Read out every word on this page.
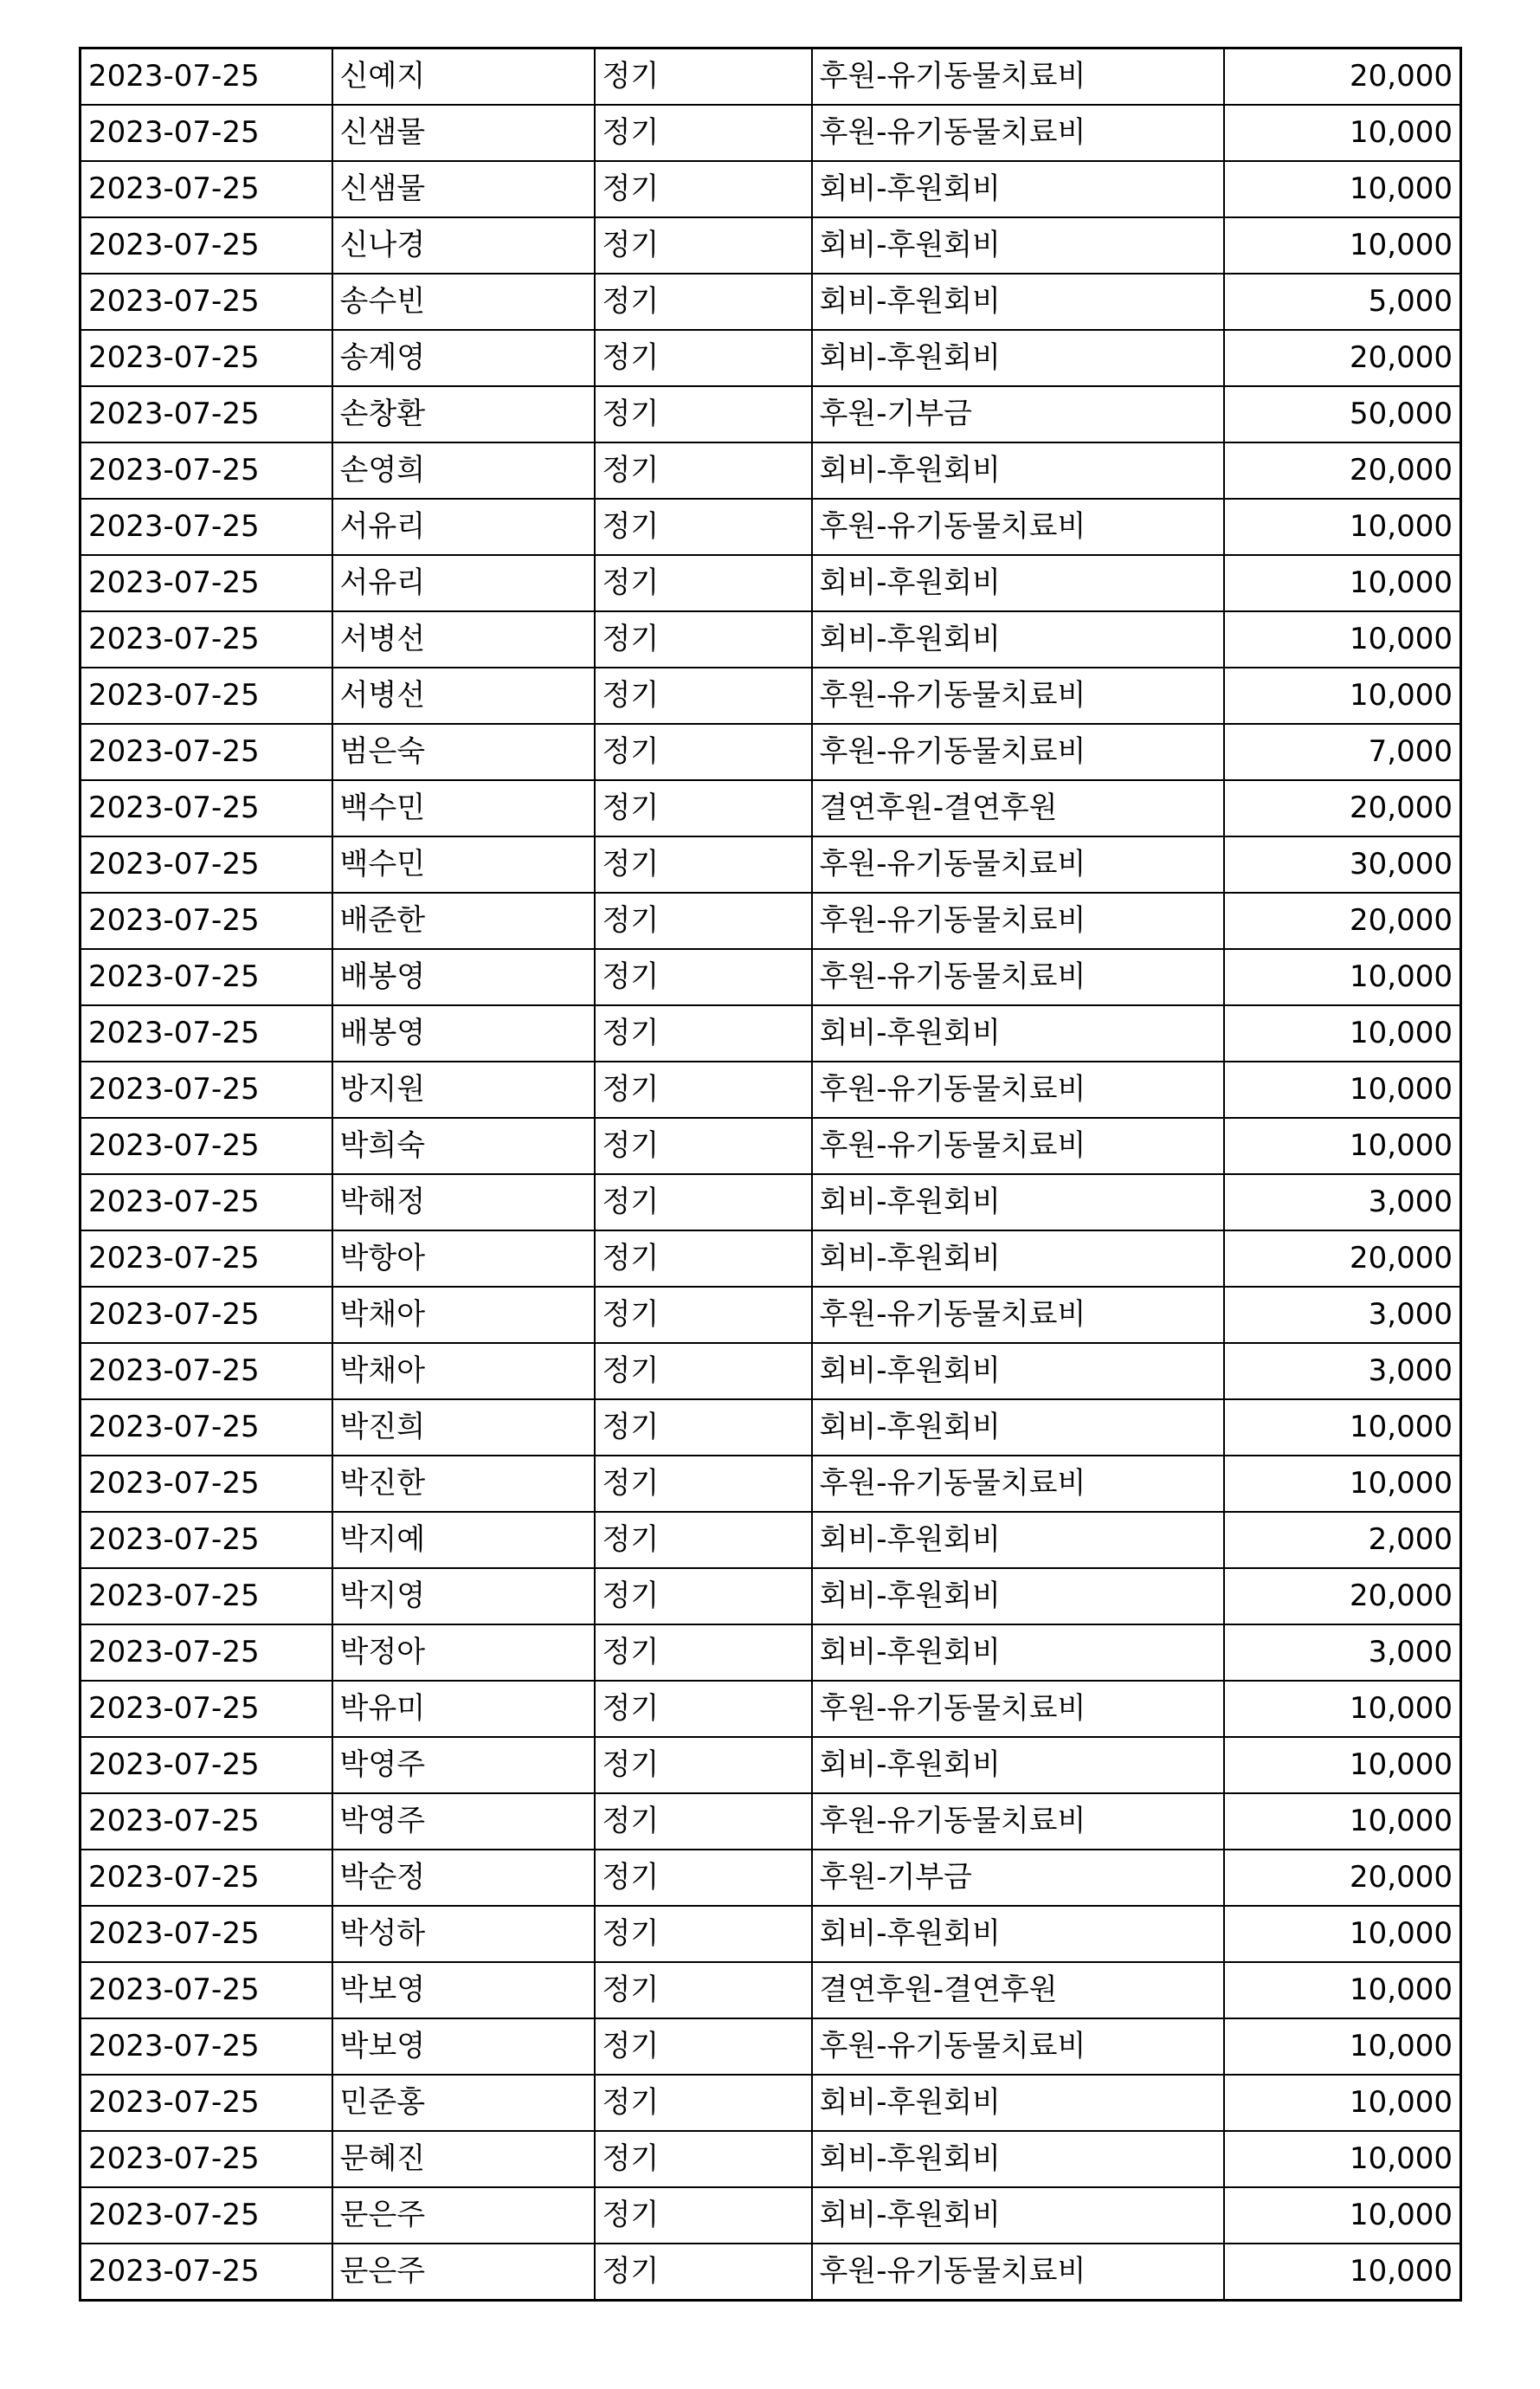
2023-07-25	신예지	정기	후원-유기동물치료비	20,000
2023-07-25	신샘물	정기	후원-유기동물치료비	10,000
2023-07-25	신샘물	정기	회비-후원회비	10,000
2023-07-25	신나경	정기	회비-후원회비	10,000
2023-07-25	송수빈	정기	회비-후원회비	5,000
2023-07-25	송계영	정기	회비-후원회비	20,000
2023-07-25	손창환	정기	후원-기부금	50,000
2023-07-25	손영희	정기	회비-후원회비	20,000
2023-07-25	서유리	정기	후원-유기동물치료비	10,000
2023-07-25	서유리	정기	회비-후원회비	10,000
2023-07-25	서병선	정기	회비-후원회비	10,000
2023-07-25	서병선	정기	후원-유기동물치료비	10,000
2023-07-25	범은숙	정기	후원-유기동물치료비	7,000
2023-07-25	백수민	정기	결연후원-결연후원	20,000
2023-07-25	백수민	정기	후원-유기동물치료비	30,000
2023-07-25	배준한	정기	후원-유기동물치료비	20,000
2023-07-25	배봉영	정기	후원-유기동물치료비	10,000
2023-07-25	배봉영	정기	회비-후원회비	10,000
2023-07-25	방지원	정기	후원-유기동물치료비	10,000
2023-07-25	박희숙	정기	후원-유기동물치료비	10,000
2023-07-25	박해정	정기	회비-후원회비	3,000
2023-07-25	박항아	정기	회비-후원회비	20,000
2023-07-25	박채아	정기	후원-유기동물치료비	3,000
2023-07-25	박채아	정기	회비-후원회비	3,000
2023-07-25	박진희	정기	회비-후원회비	10,000
2023-07-25	박진한	정기	후원-유기동물치료비	10,000
2023-07-25	박지예	정기	회비-후원회비	2,000
2023-07-25	박지영	정기	회비-후원회비	20,000
2023-07-25	박정아	정기	회비-후원회비	3,000
2023-07-25	박유미	정기	후원-유기동물치료비	10,000
2023-07-25	박영주	정기	회비-후원회비	10,000
2023-07-25	박영주	정기	후원-유기동물치료비	10,000
2023-07-25	박순정	정기	후원-기부금	20,000
2023-07-25	박성하	정기	회비-후원회비	10,000
2023-07-25	박보영	정기	결연후원-결연후원	10,000
2023-07-25	박보영	정기	후원-유기동물치료비	10,000
2023-07-25	민준홍	정기	회비-후원회비	10,000
2023-07-25	문혜진	정기	회비-후원회비	10,000
2023-07-25	문은주	정기	회비-후원회비	10,000
2023-07-25	문은주	정기	후원-유기동물치료비	10,000
